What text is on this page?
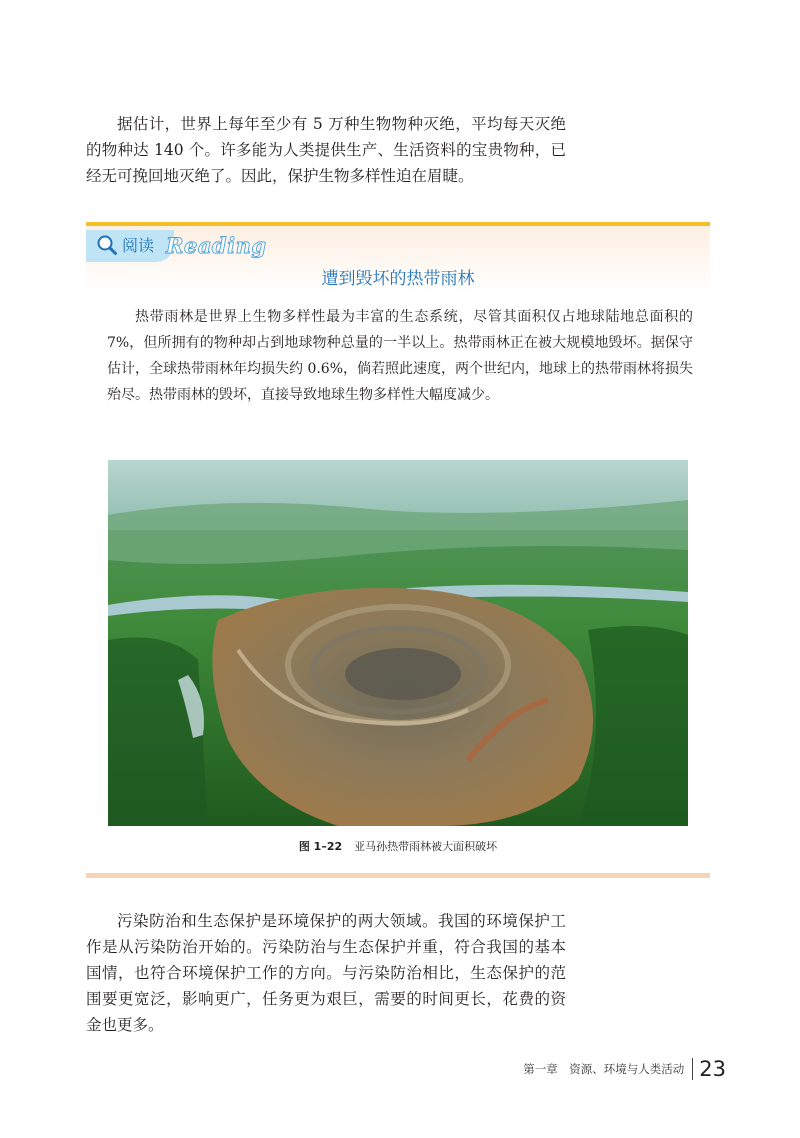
据估计，世界上每年至少有 5 万种生物物种灭绝，平均每天灭绝的物种达 140 个。许多能为人类提供生产、生活资料的宝贵物种，已经无可挽回地灭绝了。因此，保护生物多样性迫在眉睫。

阅读 Reading
遭到毁坏的热带雨林

热带雨林是世界上生物多样性最为丰富的生态系统，尽管其面积仅占地球陆地总面积的 7%，但所拥有的物种却占到地球物种总量的一半以上。热带雨林正在被大规模地毁坏。据保守估计，全球热带雨林年均损失约 0.6%，倘若照此速度，两个世纪内，地球上的热带雨林将损失殆尽。热带雨林的毁坏，直接导致地球生物多样性大幅度减少。

图 1–22 亚马孙热带雨林被大面积破坏

污染防治和生态保护是环境保护的两大领域。我国的环境保护工作是从污染防治开始的。污染防治与生态保护并重，符合我国的基本国情，也符合环境保护工作的方向。与污染防治相比，生态保护的范围要更宽泛，影响更广，任务更为艰巨，需要的时间更长，花费的资金也更多。

第一章　资源、环境与人类活动 23
